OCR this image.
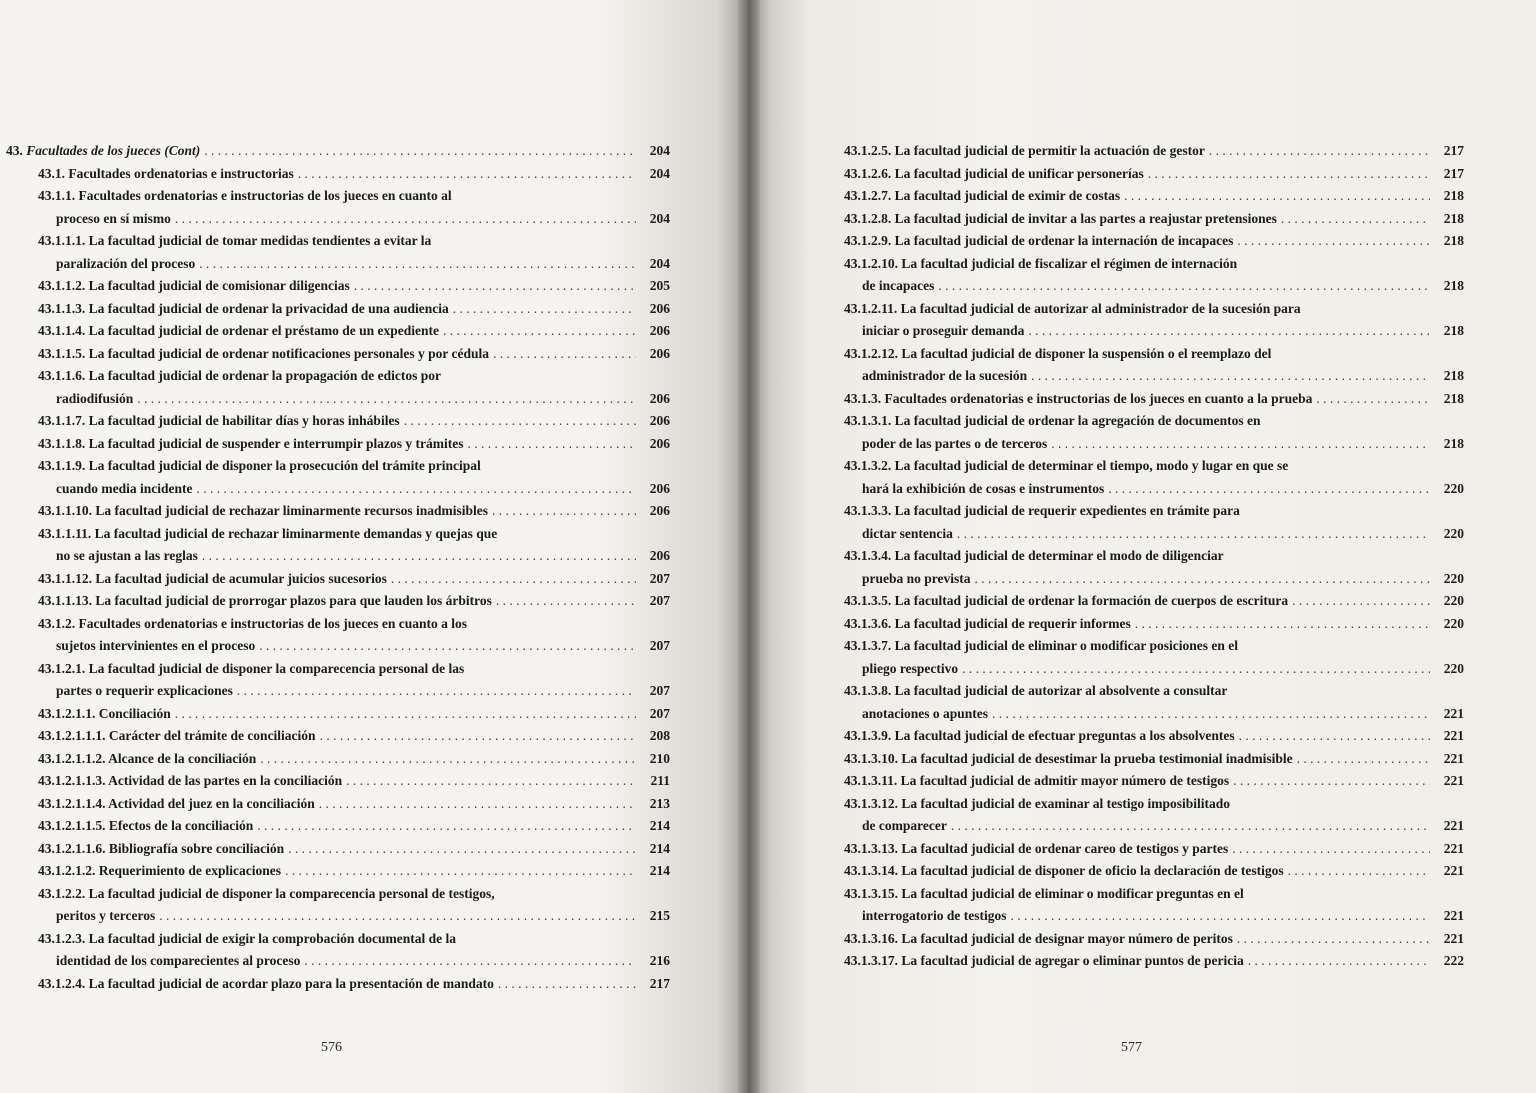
43. Facultades de los jueces (Cont) . . .	204
43.1. Facultades ordenatorias e instructorias . . .	204
43.1.1. Facultades ordenatorias e instructorias de los jueces en cuanto al
proceso en sí mismo . . .	204
43.1.1.1. La facultad judicial de tomar medidas tendientes a evitar la
paralización del proceso . . .	204
43.1.1.2. La facultad judicial de comisionar diligencias . . .	205
43.1.1.3. La facultad judicial de ordenar la privacidad de una audiencia . . .	206
43.1.1.4. La facultad judicial de ordenar el préstamo de un expediente . . .	206
43.1.1.5. La facultad judicial de ordenar notificaciones personales y por cédula . . .	206
43.1.1.6. La facultad judicial de ordenar la propagación de edictos por
radiodifusión . . .	206
43.1.1.7. La facultad judicial de habilitar días y horas inhábiles . . .	206
43.1.1.8. La facultad judicial de suspender e interrumpir plazos y trámites . . .	206
43.1.1.9. La facultad judicial de disponer la prosecución del trámite principal
cuando media incidente . . .	206
43.1.1.10. La facultad judicial de rechazar liminarmente recursos inadmisibles . . .	206
43.1.1.11. La facultad judicial de rechazar liminarmente demandas y quejas que
no se ajustan a las reglas . . .	206
43.1.1.12. La facultad judicial de acumular juicios sucesorios . . .	207
43.1.1.13. La facultad judicial de prorrogar plazos para que lauden los árbitros . . .	207
43.1.2. Facultades ordenatorias e instructorias de los jueces en cuanto a los
sujetos intervinientes en el proceso . . .	207
43.1.2.1. La facultad judicial de disponer la comparecencia personal de las
partes o requerir explicaciones . . .	207
43.1.2.1.1. Conciliación . . .	207
43.1.2.1.1.1. Carácter del trámite de conciliación . . .	208
43.1.2.1.1.2. Alcance de la conciliación . . .	210
43.1.2.1.1.3. Actividad de las partes en la conciliación . . .	211
43.1.2.1.1.4. Actividad del juez en la conciliación . . .	213
43.1.2.1.1.5. Efectos de la conciliación . . .	214
43.1.2.1.1.6. Bibliografía sobre conciliación . . .	214
43.1.2.1.2. Requerimiento de explicaciones . . .	214
43.1.2.2. La facultad judicial de disponer la comparecencia personal de testigos,
peritos y terceros . . .	215
43.1.2.3. La facultad judicial de exigir la comprobación documental de la
identidad de los comparecientes al proceso . . .	216
43.1.2.4. La facultad judicial de acordar plazo para la presentación de mandato . . .	217
43.1.2.5. La facultad judicial de permitir la actuación de gestor . . .	217
43.1.2.6. La facultad judicial de unificar personerías . . .	217
43.1.2.7. La facultad judicial de eximir de costas . . .	218
43.1.2.8. La facultad judicial de invitar a las partes a reajustar pretensiones . . .	218
43.1.2.9. La facultad judicial de ordenar la internación de incapaces . . .	218
43.1.2.10. La facultad judicial de fiscalizar el régimen de internación
de incapaces . . .	218
43.1.2.11. La facultad judicial de autorizar al administrador de la sucesión para
iniciar o proseguir demanda . . .	218
43.1.2.12. La facultad judicial de disponer la suspensión o el reemplazo del
administrador de la sucesión . . .	218
43.1.3. Facultades ordenatorias e instructorias de los jueces en cuanto a la prueba . . .	218
43.1.3.1. La facultad judicial de ordenar la agregación de documentos en
poder de las partes o de terceros . . .	218
43.1.3.2. La facultad judicial de determinar el tiempo, modo y lugar en que se
hará la exhibición de cosas e instrumentos . . .	220
43.1.3.3. La facultad judicial de requerir expedientes en trámite para
dictar sentencia . . .	220
43.1.3.4. La facultad judicial de determinar el modo de diligenciar
prueba no prevista . . .	220
43.1.3.5. La facultad judicial de ordenar la formación de cuerpos de escritura . . .	220
43.1.3.6. La facultad judicial de requerir informes . . .	220
43.1.3.7. La facultad judicial de eliminar o modificar posiciones en el
pliego respectivo . . .	220
43.1.3.8. La facultad judicial de autorizar al absolvente a consultar
anotaciones o apuntes . . .	221
43.1.3.9. La facultad judicial de efectuar preguntas a los absolventes . . .	221
43.1.3.10. La facultad judicial de desestimar la prueba testimonial inadmisible . . .	221
43.1.3.11. La facultad judicial de admitir mayor número de testigos . . .	221
43.1.3.12. La facultad judicial de examinar al testigo imposibilitado
de comparecer . . .	221
43.1.3.13. La facultad judicial de ordenar careo de testigos y partes . . .	221
43.1.3.14. La facultad judicial de disponer de oficio la declaración de testigos . . .	221
43.1.3.15. La facultad judicial de eliminar o modificar preguntas en el
interrogatorio de testigos . . .	221
43.1.3.16. La facultad judicial de designar mayor número de peritos . . .	221
43.1.3.17. La facultad judicial de agregar o eliminar puntos de pericia . . .	222
576	577
